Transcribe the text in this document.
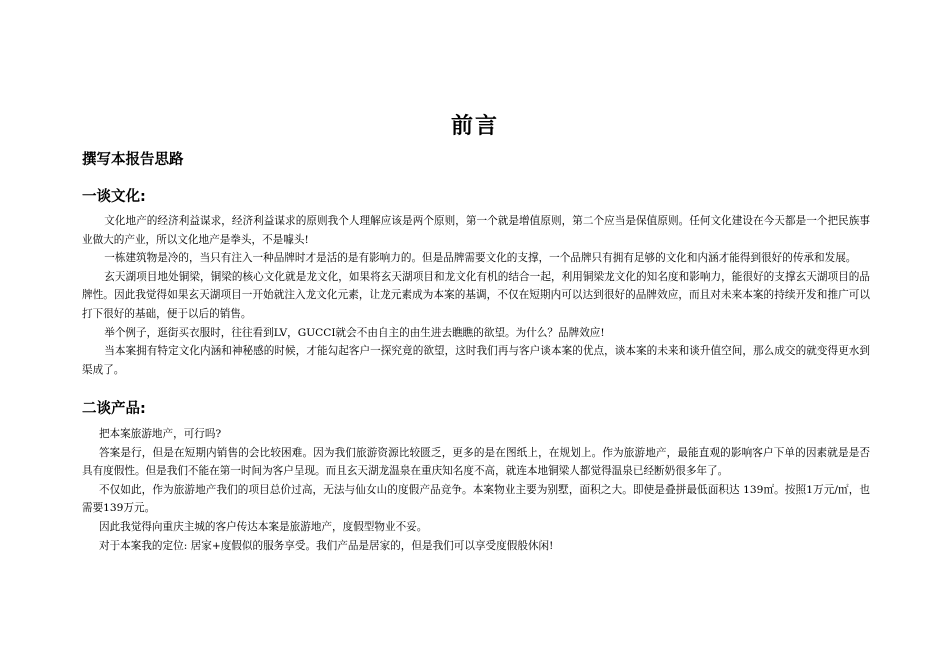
前言
撰写本报告思路
一谈文化:

文化地产的经济利益谋求，经济利益谋求的原则我个人理解应该是两个原则，第一个就是增值原则，第二个应当是保值原则。任何文化建设在今天都是一个把民族事业做大的产业，所以文化地产是拳头，不是噱头!

一栋建筑物是冷的，当只有注入一种品牌时才是活的是有影响力的。但是品牌需要文化的支撑，一个品牌只有拥有足够的文化和内涵才能得到很好的传承和发展。

玄天湖项目地处铜梁，铜梁的核心文化就是龙文化，如果将玄天湖项目和龙文化有机的结合一起，利用铜梁龙文化的知名度和影响力，能很好的支撑玄天湖项目的品牌性。因此我觉得如果玄天湖项目一开始就注入龙文化元素，让龙元素成为本案的基调，不仅在短期内可以达到很好的品牌效应，而且对未来本案的持续开发和推广可以打下很好的基础，便于以后的销售。

举个例子，逛街买衣服时，往往看到LV，GUCCI就会不由自主的由生进去瞧瞧的欲望。为什么？品牌效应!

当本案拥有特定文化内涵和神秘感的时候，才能勾起客户一探究竟的欲望，这时我们再与客户谈本案的优点，谈本案的未来和谈升值空间，那么成交的就变得更水到渠成了。

二谈产品:

把本案旅游地产，可行吗?

答案是行，但是在短期内销售的会比较困难。因为我们旅游资源比较匮乏，更多的是在图纸上，在规划上。作为旅游地产，最能直观的影响客户下单的因素就是是否具有度假性。但是我们不能在第一时间为客户呈现。而且玄天湖龙温泉在重庆知名度不高，就连本地铜梁人都觉得温泉已经断奶很多年了。

不仅如此，作为旅游地产我们的项目总价过高，无法与仙女山的度假产品竞争。本案物业主要为别墅，面积之大。即使是叠拼最低面积达 139㎡。按照1万元/㎡，也需要139万元。

因此我觉得向重庆主城的客户传达本案是旅游地产，度假型物业不妥。

对于本案我的定位: 居家+度假似的服务享受。我们产品是居家的，但是我们可以享受度假般休闲!
